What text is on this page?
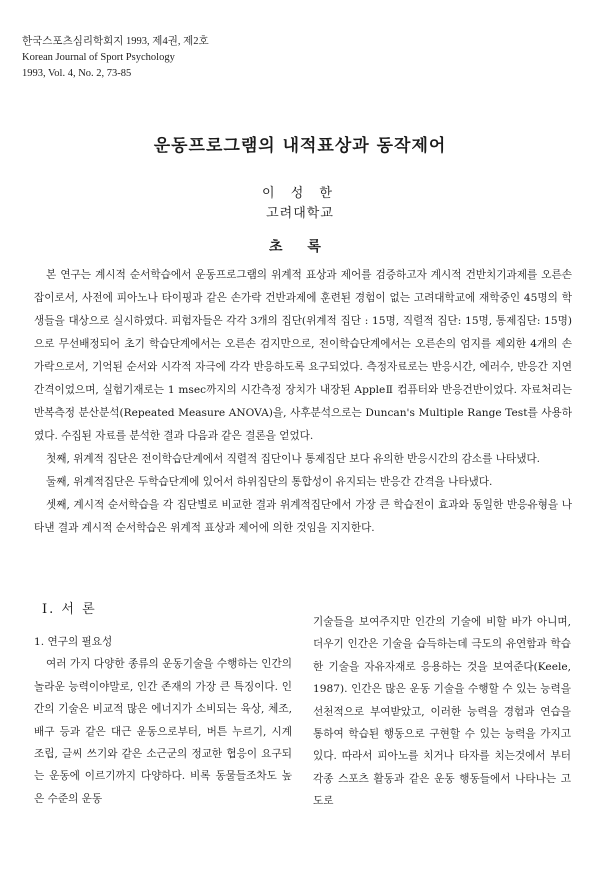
한국스포츠심리학회지 1993, 제4권, 제2호
Korean Journal of Sport Psychology
1993, Vol. 4, No. 2, 73-85
운동프로그램의 내적표상과 동작제어
이 성 한
고려대학교
초 록

본 연구는 계시적 순서학습에서 운동프로그램의 위계적 표상과 제어를 검증하고자 계시적 건반치기과제를 오른손 잡이로서, 사전에 피아노나 타이핑과 같은 손가락 건반과제에 훈련된 경험이 없는 고려대학교에 재학중인 45명의 학생들을 대상으로 실시하였다. 피험자들은 각각 3개의 집단(위계적 집단 : 15명, 직렬적 집단: 15명, 통제집단: 15명)으로 무선배정되어 초기 학습단계에서는 오른손 검지만으로, 전이학습단계에서는 오른손의 엄지를 제외한 4개의 손가락으로서, 기억된 순서와 시각적 자극에 각각 반응하도록 요구되었다. 측정자료로는 반응시간, 에러수, 반응간 지연간격이었으며, 실험기재로는 1 msec까지의 시간측정 장치가 내장된 AppleⅡ 컴퓨터와 반응건반이었다. 자료처리는 반복측정 분산분석(Repeated Measure ANOVA)을, 사후분석으로는 Duncan's Multiple Range Test를 사용하였다. 수집된 자료를 분석한 결과 다음과 같은 결론을 얻었다.

첫째, 위계적 집단은 전이학습단계에서 직렬적 집단이나 통제집단 보다 유의한 반응시간의 감소를 나타냈다.

둘째, 위계적집단은 두학습단계에 있어서 하위집단의 통합성이 유지되는 반응간 간격을 나타냈다.

셋째, 계시적 순서학습을 각 집단별로 비교한 결과 위계적집단에서 가장 큰 학습전이 효과와 동일한 반응유형을 나타낸 결과 계시적 순서학습은 위계적 표상과 제어에 의한 것임을 지지한다.

Ⅰ. 서 론

1. 연구의 필요성

여러 가지 다양한 종류의 운동기술을 수행하는 인간의 놀라운 능력이야말로, 인간 존재의 가장 큰 특징이다. 인간의 기술은 비교적 많은 에너지가 소비되는 육상, 체조, 배구 등과 같은 대근 운동으로부터, 버튼 누르기, 시계 조립, 글씨 쓰기와 같은 소근군의 정교한 협응이 요구되는 운동에 이르기까지 다양하다. 비록 동물들조차도 높은 수준의 운동

기술들을 보여주지만 인간의 기술에 비할 바가 아니며, 더우기 인간은 기술을 습득하는데 극도의 유연함과 학습한 기술을 자유자재로 응용하는 것을 보여준다(Keele, 1987). 인간은 많은 운동 기술을 수행할 수 있는 능력을 선천적으로 부여받았고, 이러한 능력을 경험과 연습을 통하여 학습된 행동으로 구현할 수 있는 능력을 가지고 있다. 따라서 피아노를 치거나 타자를 치는것에서 부터 각종 스포츠 활동과 같은 운동 행동들에서 나타나는 고도로
